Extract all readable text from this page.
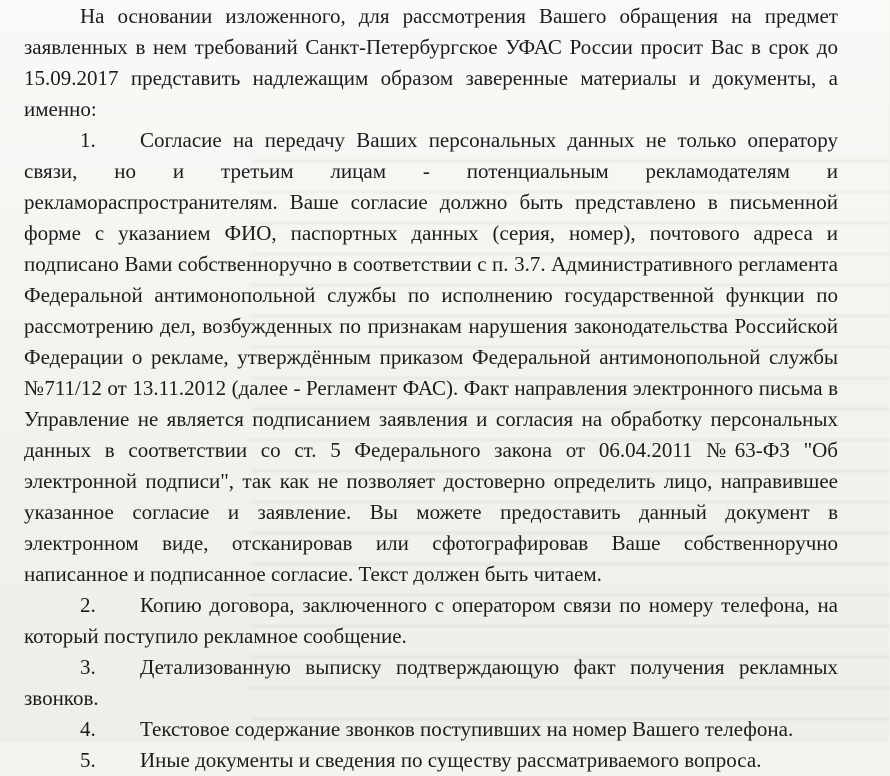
На основании изложенного, для рассмотрения Вашего обращения на предмет заявленных в нем требований Санкт-Петербургское УФАС России просит Вас в срок до 15.09.2017 представить надлежащим образом заверенные материалы и документы, а именно:

1. Согласие на передачу Ваших персональных данных не только оператору связи, но и третьим лицам - потенциальным рекламодателям и рекламораспространителям. Ваше согласие должно быть представлено в письменной форме с указанием ФИО, паспортных данных (серия, номер), почтового адреса и подписано Вами собственноручно в соответствии с п. 3.7. Административного регламента Федеральной антимонопольной службы по исполнению государственной функции по рассмотрению дел, возбужденных по признакам нарушения законодательства Российской Федерации о рекламе, утверждённым приказом Федеральной антимонопольной службы №711/12 от 13.11.2012 (далее - Регламент ФАС). Факт направления электронного письма в Управление не является подписанием заявления и согласия на обработку персональных данных в соответствии со ст. 5 Федерального закона от 06.04.2011 №63-ФЗ "Об электронной подписи", так как не позволяет достоверно определить лицо, направившее указанное согласие и заявление. Вы можете предоставить данный документ в электронном виде, отсканировав или сфотографировав Ваше собственноручно написанное и подписанное согласие. Текст должен быть читаем.

2. Копию договора, заключенного с оператором связи по номеру телефона, на который поступило рекламное сообщение.

3. Детализованную выписку подтверждающую факт получения рекламных звонков.

4. Текстовое содержание звонков поступивших на номер Вашего телефона.

5. Иные документы и сведения по существу рассматриваемого вопроса.
